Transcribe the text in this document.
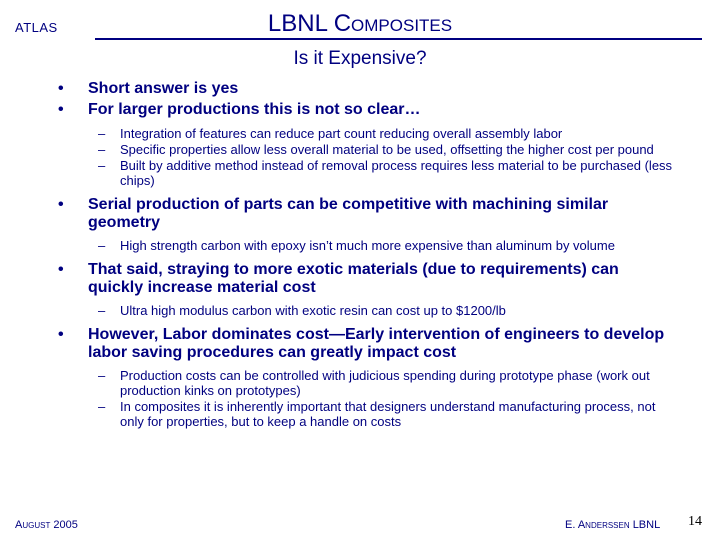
ATLAS	LBNL Composites
Is it Expensive?
• Short answer is yes
• For larger productions this is not so clear…
– Integration of features can reduce part count reducing overall assembly labor
– Specific properties allow less overall material to be used, offsetting the higher cost per pound
– Built by additive method instead of removal process requires less material to be purchased (less chips)
• Serial production of parts can be competitive with machining similar geometry
– High strength carbon with epoxy isn’t much more expensive than aluminum by volume
• That said, straying to more exotic materials (due to requirements) can quickly increase material cost
– Ultra high modulus carbon with exotic resin can cost up to $1200/lb
• However, Labor dominates cost—Early intervention of engineers to develop labor saving procedures can greatly impact cost
– Production costs can be controlled with judicious spending during prototype phase (work out production kinks on prototypes)
– In composites it is inherently important that designers understand manufacturing process, not only for properties, but to keep a handle on costs
August 2005	E. Anderssen LBNL 14
